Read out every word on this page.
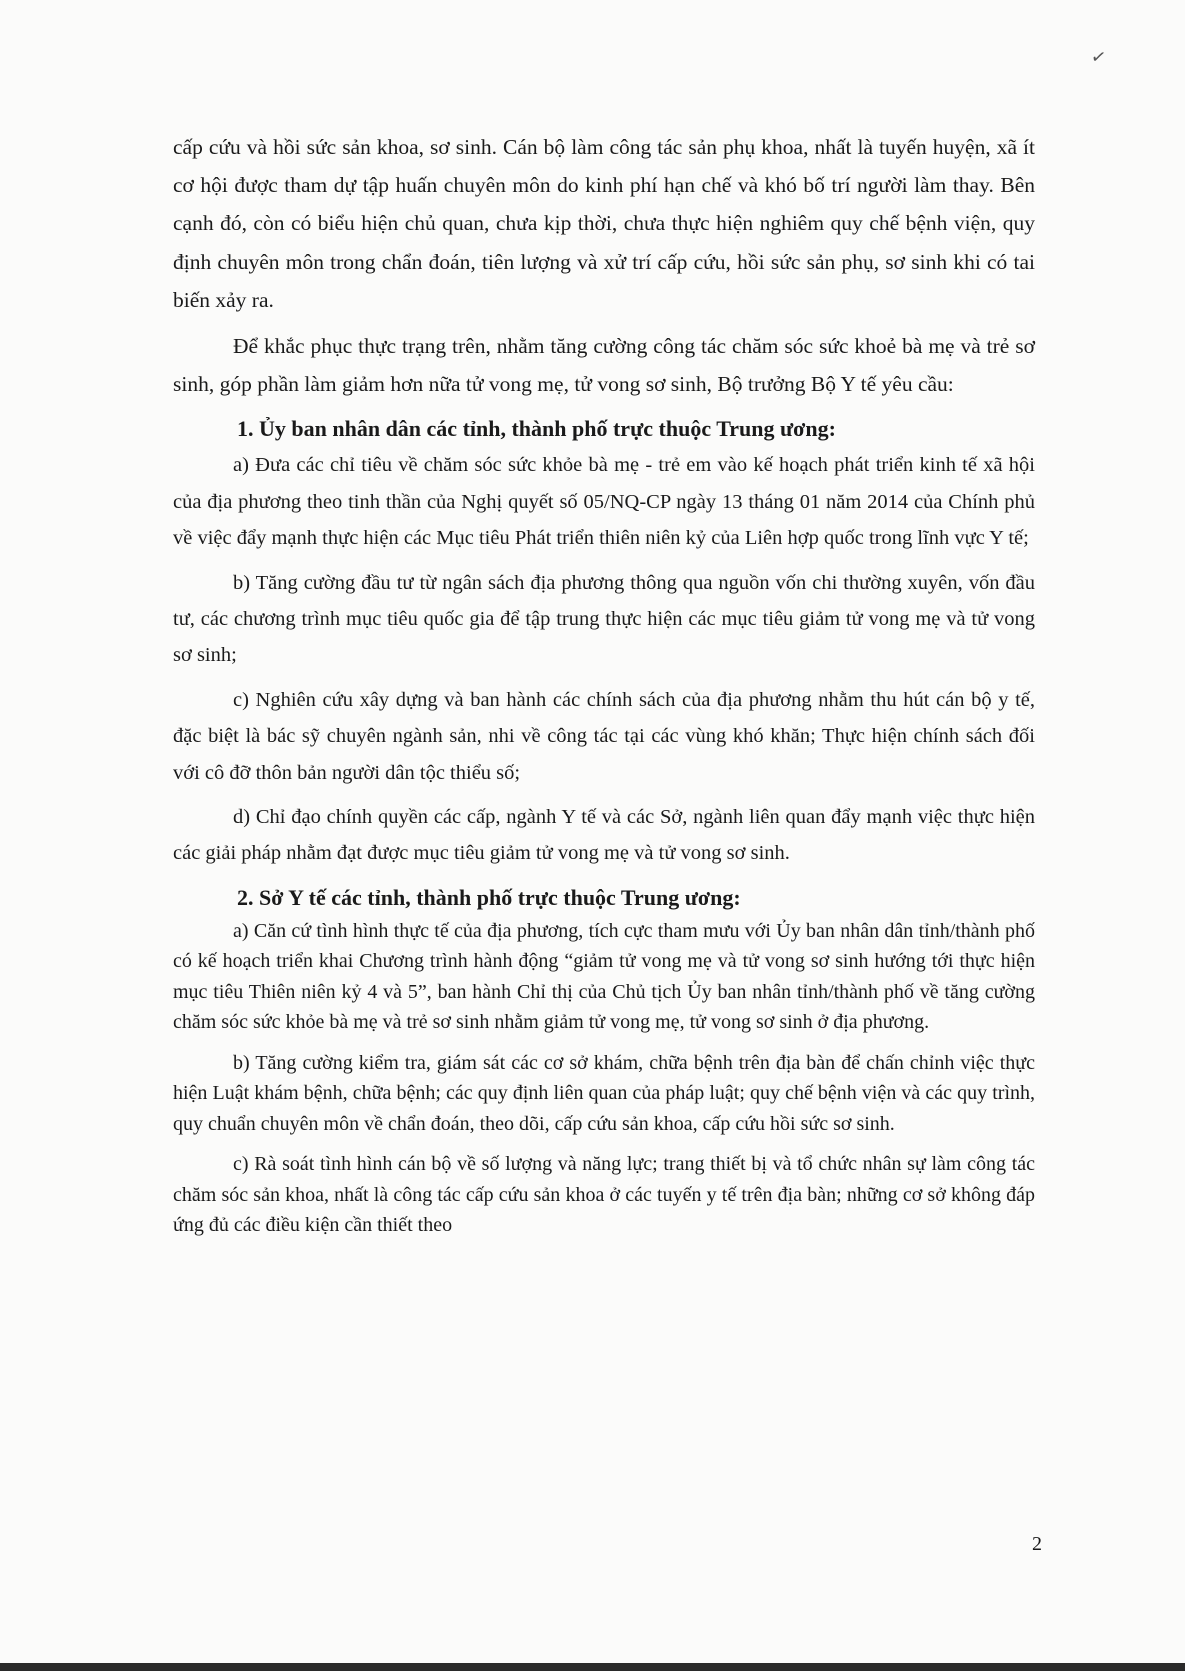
✓

cấp cứu và hồi sức sản khoa, sơ sinh. Cán bộ làm công tác sản phụ khoa, nhất là tuyến huyện, xã ít cơ hội được tham dự tập huấn chuyên môn do kinh phí hạn chế và khó bố trí người làm thay. Bên cạnh đó, còn có biểu hiện chủ quan, chưa kịp thời, chưa thực hiện nghiêm quy chế bệnh viện, quy định chuyên môn trong chẩn đoán, tiên lượng và xử trí cấp cứu, hồi sức sản phụ, sơ sinh khi có tai biến xảy ra.

Để khắc phục thực trạng trên, nhằm tăng cường công tác chăm sóc sức khoẻ bà mẹ và trẻ sơ sinh, góp phần làm giảm hơn nữa tử vong mẹ, tử vong sơ sinh, Bộ trưởng Bộ Y tế yêu cầu:

1. Ủy ban nhân dân các tỉnh, thành phố trực thuộc Trung ương:

a) Đưa các chỉ tiêu về chăm sóc sức khỏe bà mẹ - trẻ em vào kế hoạch phát triển kinh tế xã hội của địa phương theo tinh thần của Nghị quyết số 05/NQ-CP ngày 13 tháng 01 năm 2014 của Chính phủ về việc đẩy mạnh thực hiện các Mục tiêu Phát triển thiên niên kỷ của Liên hợp quốc trong lĩnh vực Y tế;

b) Tăng cường đầu tư từ ngân sách địa phương thông qua nguồn vốn chi thường xuyên, vốn đầu tư, các chương trình mục tiêu quốc gia để tập trung thực hiện các mục tiêu giảm tử vong mẹ và tử vong sơ sinh;

c) Nghiên cứu xây dựng và ban hành các chính sách của địa phương nhằm thu hút cán bộ y tế, đặc biệt là bác sỹ chuyên ngành sản, nhi về công tác tại các vùng khó khăn; Thực hiện chính sách đối với cô đỡ thôn bản người dân tộc thiểu số;

d) Chỉ đạo chính quyền các cấp, ngành Y tế và các Sở, ngành liên quan đẩy mạnh việc thực hiện các giải pháp nhằm đạt được mục tiêu giảm tử vong mẹ và tử vong sơ sinh.

2. Sở Y tế các tỉnh, thành phố trực thuộc Trung ương:

a) Căn cứ tình hình thực tế của địa phương, tích cực tham mưu với Ủy ban nhân dân tỉnh/thành phố có kế hoạch triển khai Chương trình hành động “giảm tử vong mẹ và tử vong sơ sinh hướng tới thực hiện mục tiêu Thiên niên kỷ 4 và 5”, ban hành Chỉ thị của Chủ tịch Ủy ban nhân tỉnh/thành phố về tăng cường chăm sóc sức khỏe bà mẹ và trẻ sơ sinh nhằm giảm tử vong mẹ, tử vong sơ sinh ở địa phương.

b) Tăng cường kiểm tra, giám sát các cơ sở khám, chữa bệnh trên địa bàn để chấn chỉnh việc thực hiện Luật khám bệnh, chữa bệnh; các quy định liên quan của pháp luật; quy chế bệnh viện và các quy trình, quy chuẩn chuyên môn về chẩn đoán, theo dõi, cấp cứu sản khoa, cấp cứu hồi sức sơ sinh.

c) Rà soát tình hình cán bộ về số lượng và năng lực; trang thiết bị và tổ chức nhân sự làm công tác chăm sóc sản khoa, nhất là công tác cấp cứu sản khoa ở các tuyến y tế trên địa bàn; những cơ sở không đáp ứng đủ các điều kiện cần thiết theo

2
